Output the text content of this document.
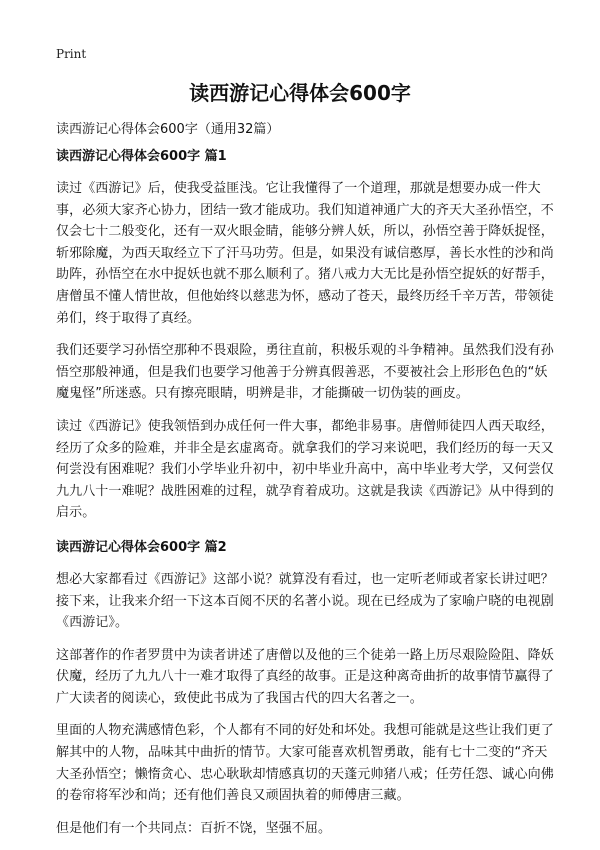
Print
读西游记心得体会600字

读西游记心得体会600字（通用32篇）

读西游记心得体会600字 篇1

读过《西游记》后，使我受益匪浅。它让我懂得了一个道理，那就是想要办成一件大事，必须大家齐心协力，团结一致才能成功。我们知道神通广大的齐天大圣孙悟空，不仅会七十二般变化，还有一双火眼金睛，能够分辨人妖，所以，孙悟空善于降妖捉怪，斩邪除魔，为西天取经立下了汗马功劳。但是，如果没有诚信憨厚，善长水性的沙和尚助阵，孙悟空在水中捉妖也就不那么顺利了。猪八戒力大无比是孙悟空捉妖的好帮手，唐僧虽不懂人情世故，但他始终以慈悲为怀，感动了苍天，最终历经千辛万苦，带领徒弟们，终于取得了真经。

我们还要学习孙悟空那种不畏艰险，勇往直前，积极乐观的斗争精神。虽然我们没有孙悟空那般神通，但是我们也要学习他善于分辨真假善恶，不要被社会上形形色色的“妖魔鬼怪”所迷惑。只有擦亮眼睛，明辨是非，才能撕破一切伪装的画皮。

读过《西游记》使我领悟到办成任何一件大事，都绝非易事。唐僧师徒四人西天取经，经历了众多的险难，并非全是玄虚离奇。就拿我们的学习来说吧，我们经历的每一天又何尝没有困难呢？我们小学毕业升初中，初中毕业升高中，高中毕业考大学，又何尝仅九九八十一难呢？战胜困难的过程，就孕育着成功。这就是我读《西游记》从中得到的启示。

读西游记心得体会600字 篇2

想必大家都看过《西游记》这部小说？就算没有看过，也一定听老师或者家长讲过吧？接下来，让我来介绍一下这本百阅不厌的名著小说。现在已经成为了家喻户晓的电视剧《西游记》。

这部著作的作者罗贯中为读者讲述了唐僧以及他的三个徒弟一路上历尽艰险险阻、降妖伏魔，经历了九九八十一难才取得了真经的故事。正是这种离奇曲折的故事情节赢得了广大读者的阅读心，致使此书成为了我国古代的四大名著之一。

里面的人物充满感情色彩，个人都有不同的好处和坏处。我想可能就是这些让我们更了解其中的人物，品味其中曲折的情节。大家可能喜欢机智勇敢，能有七十二变的“齐天大圣孙悟空；懒惰贪心、忠心耿耿却情感真切的天蓬元帅猪八戒；任劳任怨、诚心向佛的卷帘将军沙和尚；还有他们善良又顽固执着的师傅唐三藏。

但是他们有一个共同点：百折不饶，坚强不屈。
